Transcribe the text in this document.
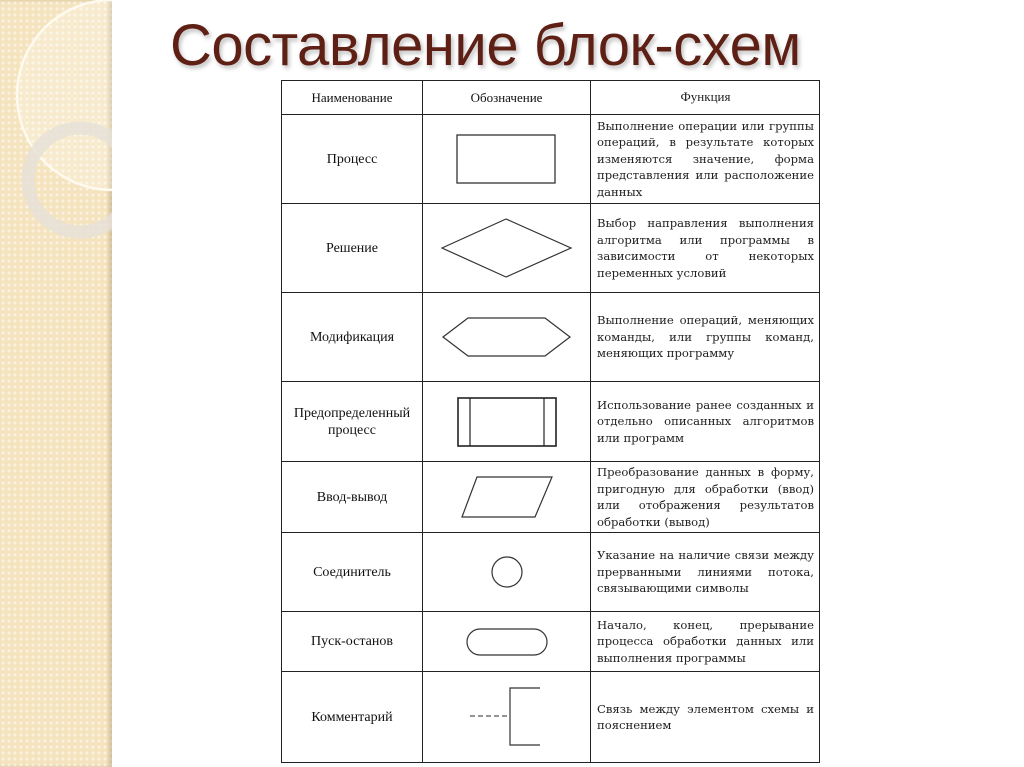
Составление блок-схем
Наименование	Обозначение	Функция
Процесс		Выполнение операции или группы операций, в результате которых изменяются значение, форма представления или расположение данных
Решение		Выбор направления выполнения алгоритма или программы в зависимости от некоторых переменных условий
Модификация		Выполнение операций, меняющих команды, или группы команд, меняющих программу
Предопределенный процесс		Использование ранее созданных и отдельно описанных алгоритмов или программ
Ввод-вывод		Преобразование данных в форму, пригодную для обработки (ввод) или отображения результатов обработки (вывод)
Соединитель		Указание на наличие связи между прерванными линиями потока, связывающими символы
Пуск-останов		Начало, конец, прерывание процесса обработки данных или выполнения программы
Комментарий		Связь между элементом схемы и пояснением
